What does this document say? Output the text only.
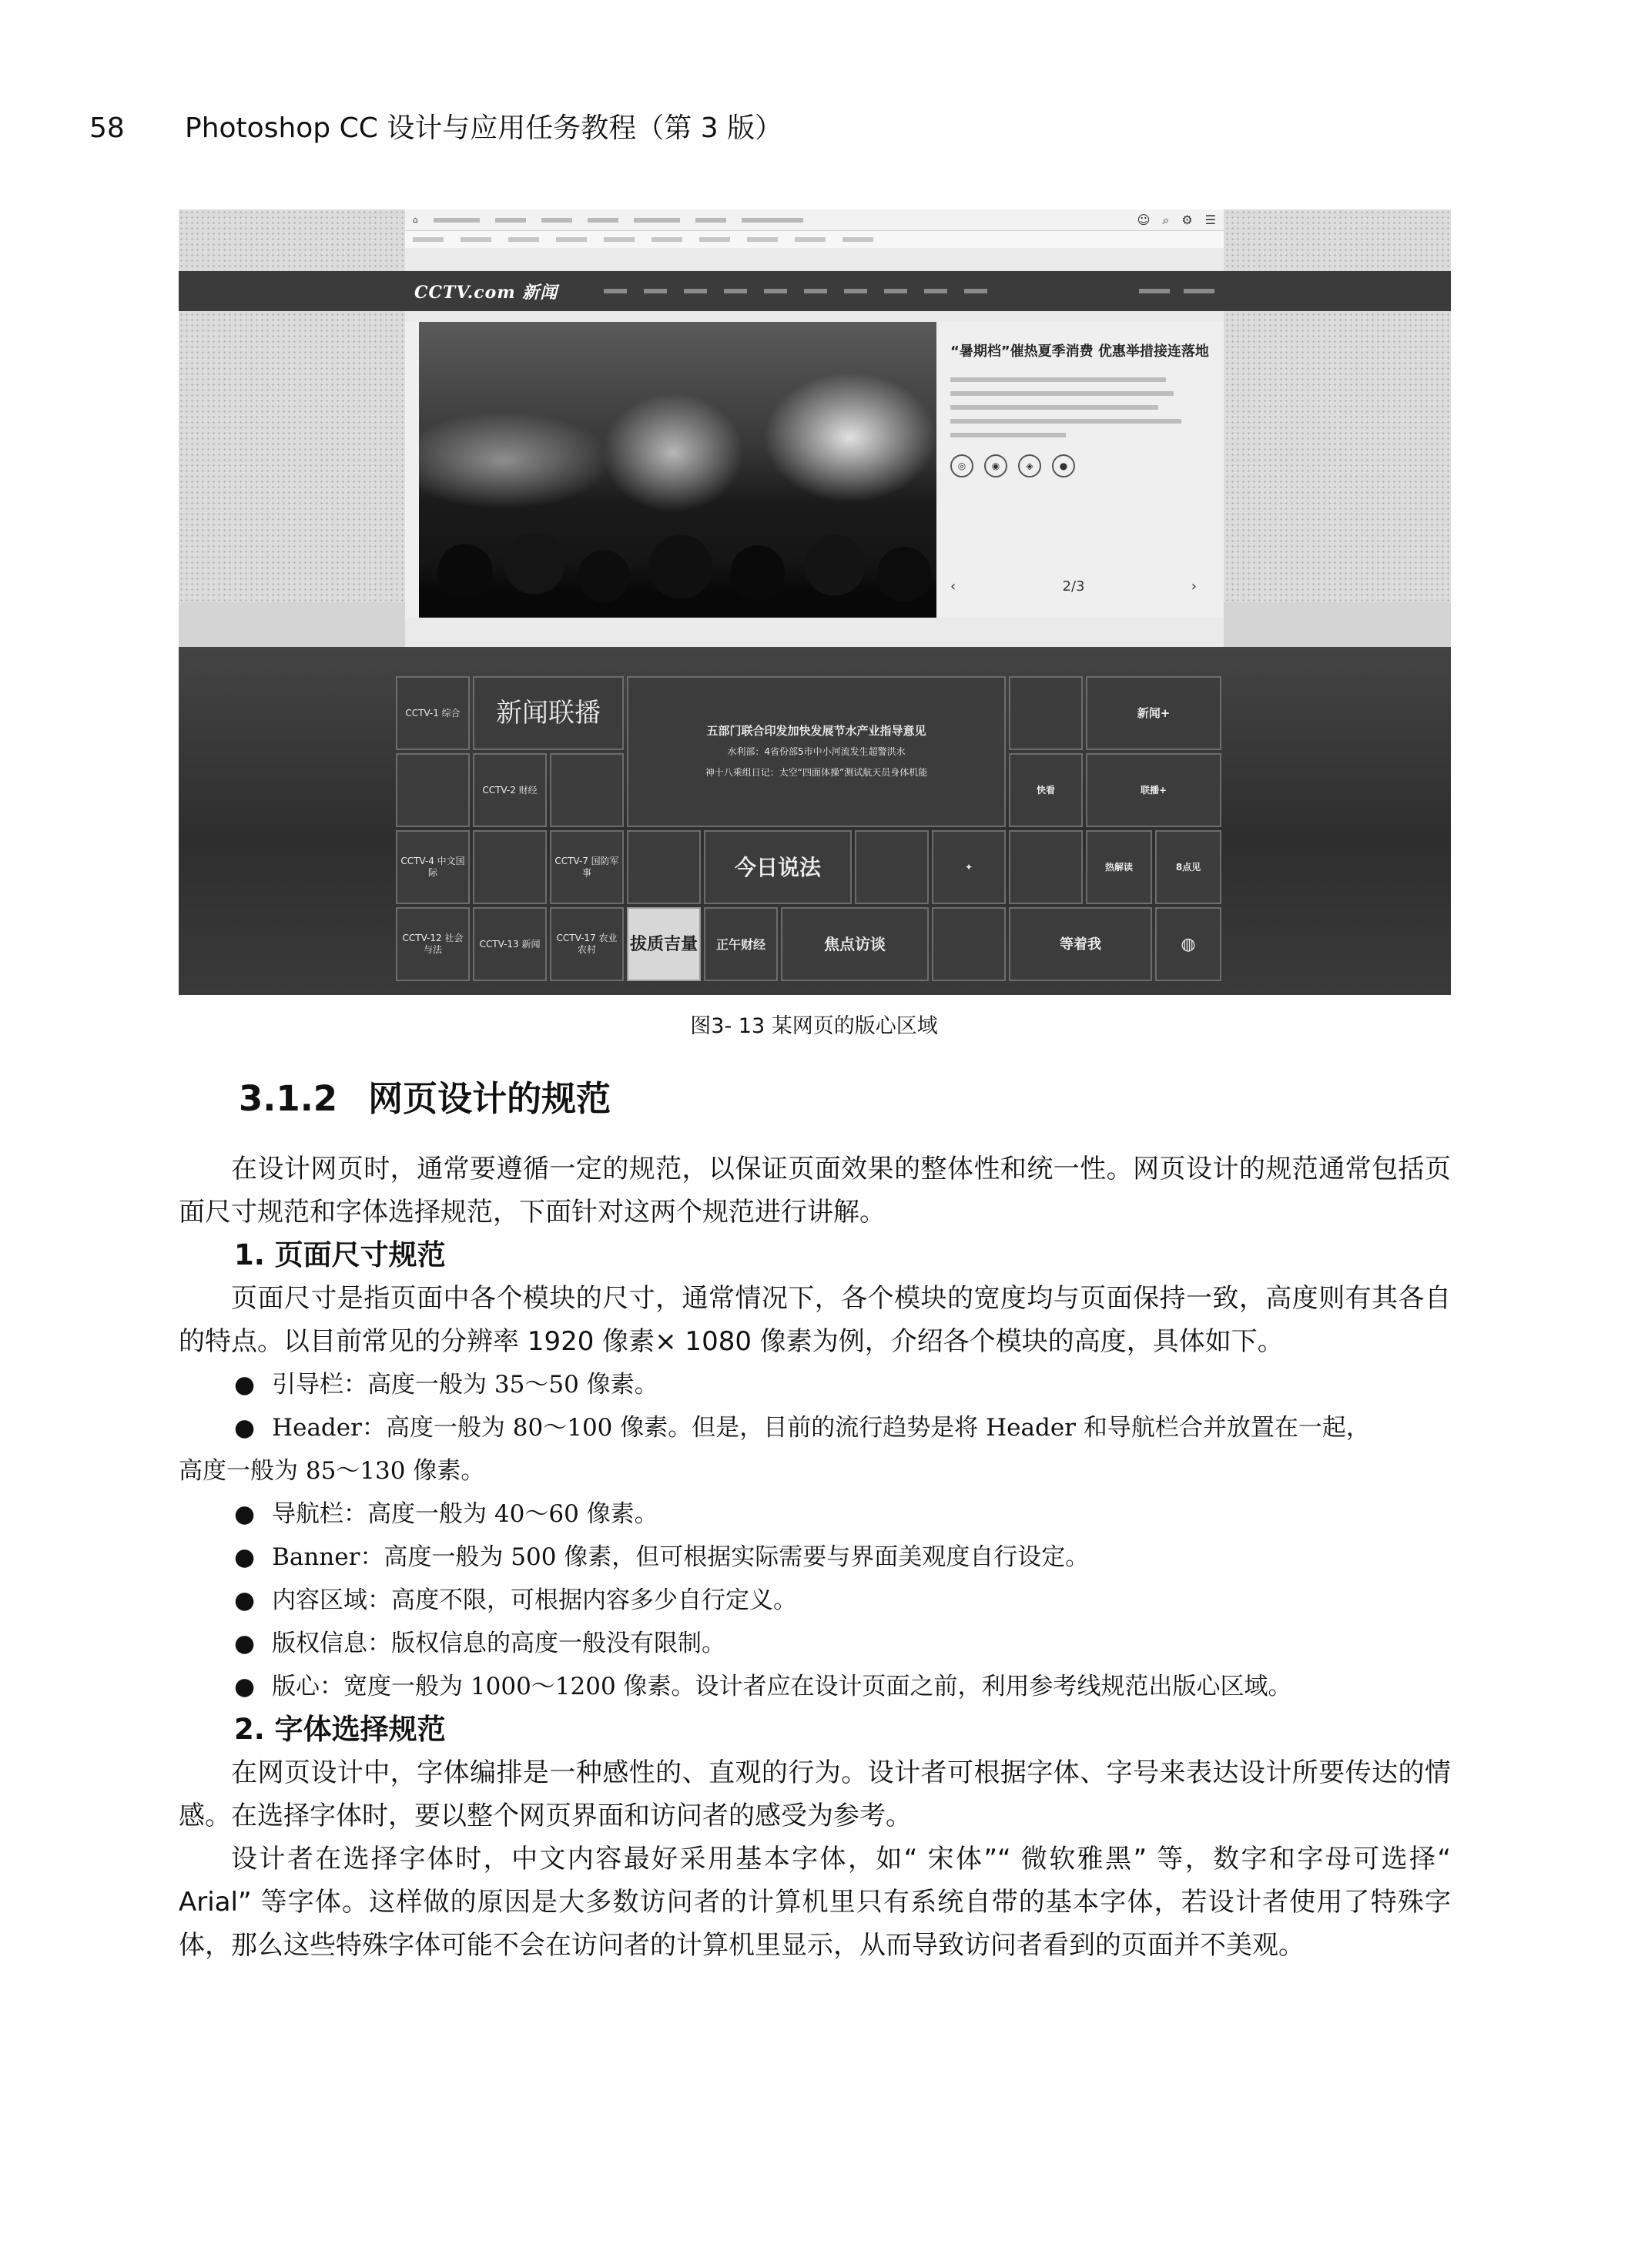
58 Photoshop CC 设计与应用任务教程（第 3 版）
⌂	☺ ⌕ ⚙ ☰
CCTV.com 新闻
“暑期档”催热夏季消费 优惠举措接连落地
◎	◉	◈	●
‹	2/3	›
CCTV-1 综合	新闻联播
五部门联合印发加快发展节水产业指导意见
水利部：4省份部5市中小河流发生超警洪水
神十八乘组日记：太空“四面体操”测试航天员身体机能
新闻+
CCTV-2 财经	快看	联播+
CCTV-4 中文国际
CCTV-7 国防军事	今日说法	✦	热解读	8点见
CCTV-12 社会与法
CCTV-13 新闻
CCTV-17 农业农村	拔质吉量	正午财经	焦点访谈	等着我	◍
图3- 13 某网页的版心区域
3.1.2 网页设计的规范

在设计网页时，通常要遵循一定的规范，以保证页面效果的整体性和统一性。网页设计的规范通常包括页面尺寸规范和字体选择规范，下面针对这两个规范进行讲解。

1. 页面尺寸规范

页面尺寸是指页面中各个模块的尺寸，通常情况下，各个模块的宽度均与页面保持一致，高度则有其各自的特点。以目前常见的分辨率 1920 像素× 1080 像素为例，介绍各个模块的高度，具体如下。

● 引导栏：高度一般为 35～50 像素。
● Header：高度一般为 80～100 像素。但是，目前的流行趋势是将 Header 和导航栏合并放置在一起，
高度一般为 85～130 像素。
● 导航栏：高度一般为 40～60 像素。
● Banner：高度一般为 500 像素，但可根据实际需要与界面美观度自行设定。
● 内容区域：高度不限，可根据内容多少自行定义。
● 版权信息：版权信息的高度一般没有限制。
● 版心：宽度一般为 1000～1200 像素。设计者应在设计页面之前，利用参考线规范出版心区域。
2. 字体选择规范

在网页设计中，字体编排是一种感性的、直观的行为。设计者可根据字体、字号来表达设计所要传达的情感。在选择字体时，要以整个网页界面和访问者的感受为参考。

设计者在选择字体时，中文内容最好采用基本字体，如“ 宋体”“ 微软雅黑” 等，数字和字母可选择“ Arial” 等字体。这样做的原因是大多数访问者的计算机里只有系统自带的基本字体，若设计者使用了特殊字体，那么这些特殊字体可能不会在访问者的计算机里显示，从而导致访问者看到的页面并不美观。
